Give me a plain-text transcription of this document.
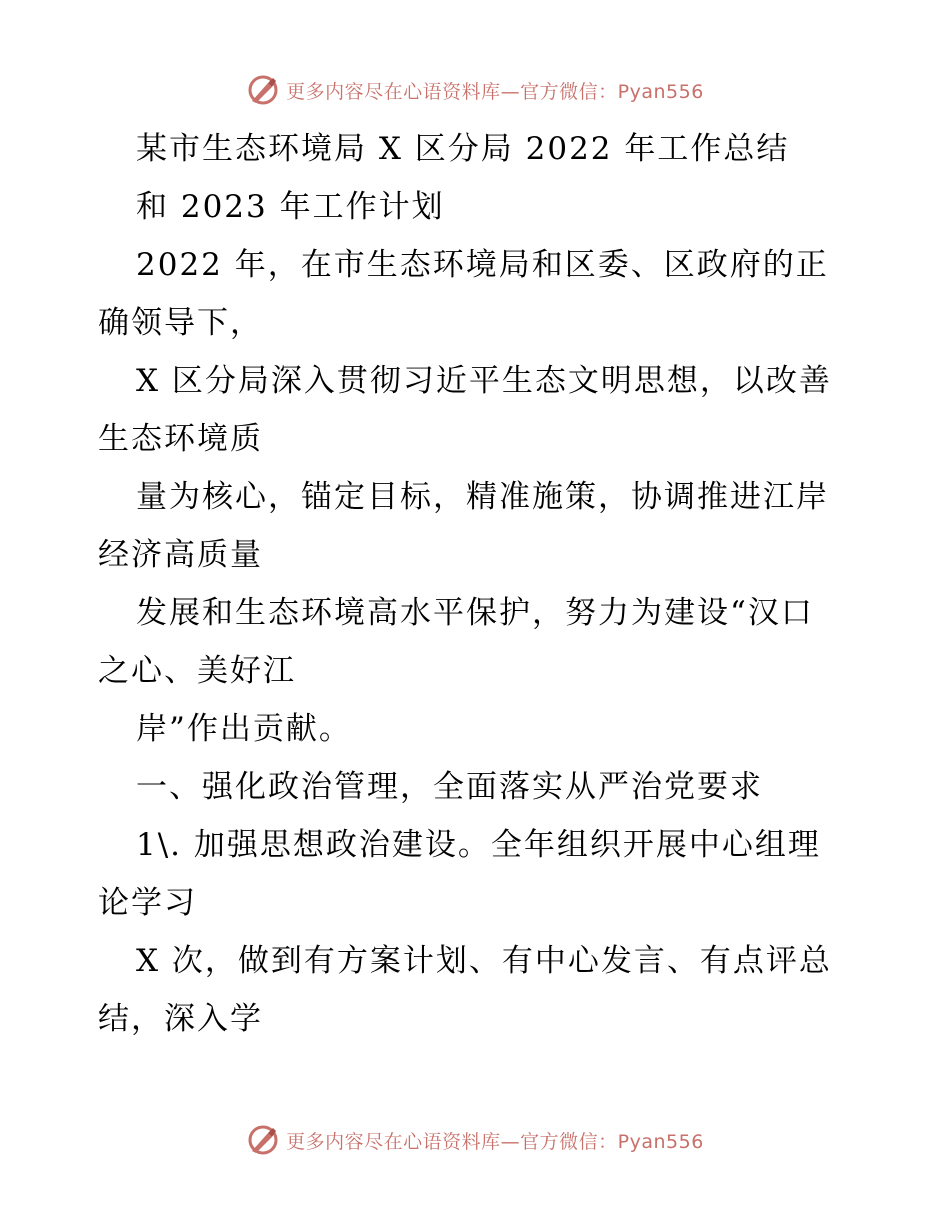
更多内容尽在心语资料库—官方微信：Pyan556
某市生态环境局 X 区分局 2022 年工作总结
和 2023 年工作计划
2022 年，在市生态环境局和区委、区政府的正
确领导下，
X 区分局深入贯彻习近平生态文明思想，以改善
生态环境质
量为核心，锚定目标，精准施策，协调推进江岸
经济高质量
发展和生态环境高水平保护，努力为建设“汉口
之心、美好江
岸”作出贡献。
一、强化政治管理，全面落实从严治党要求
1\. 加强思想政治建设。全年组织开展中心组理
论学习
X 次，做到有方案计划、有中心发言、有点评总
结，深入学
更多内容尽在心语资料库—官方微信：Pyan556
